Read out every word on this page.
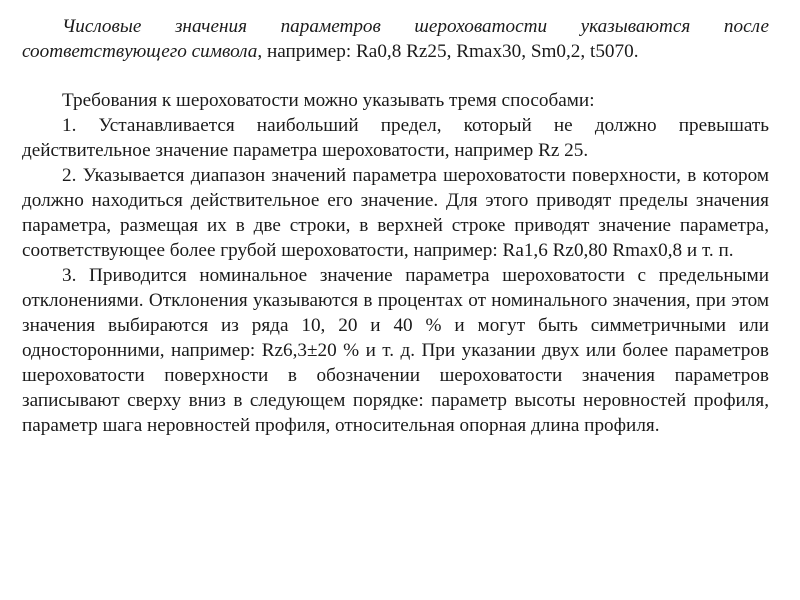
Числовые значения параметров шероховатости указываются после соответствующего символа, например: Ra0,8 Rz25, Rmax30, Sm0,2, t5070.

Требования к шероховатости можно указывать тремя способами:

1. Устанавливается наибольший предел, который не должно превышать действительное значение параметра шероховатости, например Rz 25.

2. Указывается диапазон значений параметра шероховатости поверхности, в котором должно находиться действительное его значение. Для этого приводят пределы значения параметра, размещая их в две строки, в верхней строке приводят значение параметра, соответствующее более грубой шероховатости, например: Ra1,6 Rz0,80 Rmax0,8 и т. п.

3. Приводится номинальное значение параметра шероховатости с предельными отклонениями. Отклонения указываются в процентах от номинального значения, при этом значения выбираются из ряда 10, 20 и 40 % и могут быть симметричными или односторонними, например: Rz6,3±20 % и т. д. При указании двух или более параметров шероховатости поверхности в обозначении шероховатости значения параметров записывают сверху вниз в следующем порядке: параметр высоты неровностей профиля, параметр шага неровностей профиля, относительная опорная длина профиля.
